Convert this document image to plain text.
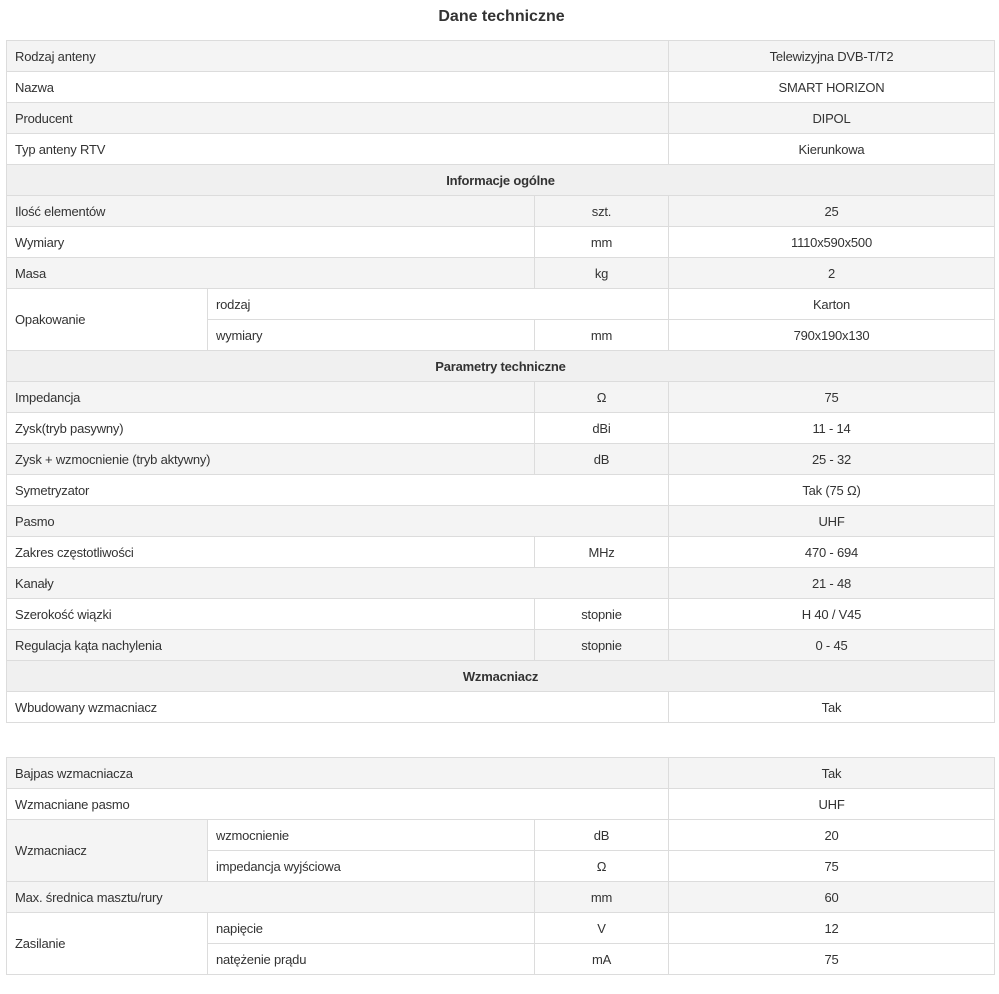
Dane techniczne
Rodzaj anteny			Telewizyjna DVB-T/T2
Nazwa			SMART HORIZON
Producent			DIPOL
Typ anteny RTV			Kierunkowa
Informacje ogólne			
Ilość elementów		szt.	25
Wymiary		mm	1110x590x500
Masa		kg	2
Opakowanie	rodzaj		Karton
	wymiary	mm	790x190x130
Parametry techniczne			
Impedancja		Ω	75
Zysk(tryb pasywny)		dBi	11 - 14
Zysk + wzmocnienie (tryb aktywny)		dB	25 - 32
Symetryzator			Tak (75 Ω)
Pasmo			UHF
Zakres częstotliwości		MHz	470 - 694
Kanały			21 - 48
Szerokość wiązki		stopnie	H 40 / V45
Regulacja kąta nachylenia		stopnie	0 - 45
Wzmacniacz			
Wbudowany wzmacniacz			Tak
Bajpas wzmacniacza			Tak
Wzmacniane pasmo			UHF
Wzmacniacz	wzmocnienie	dB	20
	impedancja wyjściowa	Ω	75
Max. średnica masztu/rury		mm	60
Zasilanie	napięcie	V	12
	natężenie prądu	mA	75
